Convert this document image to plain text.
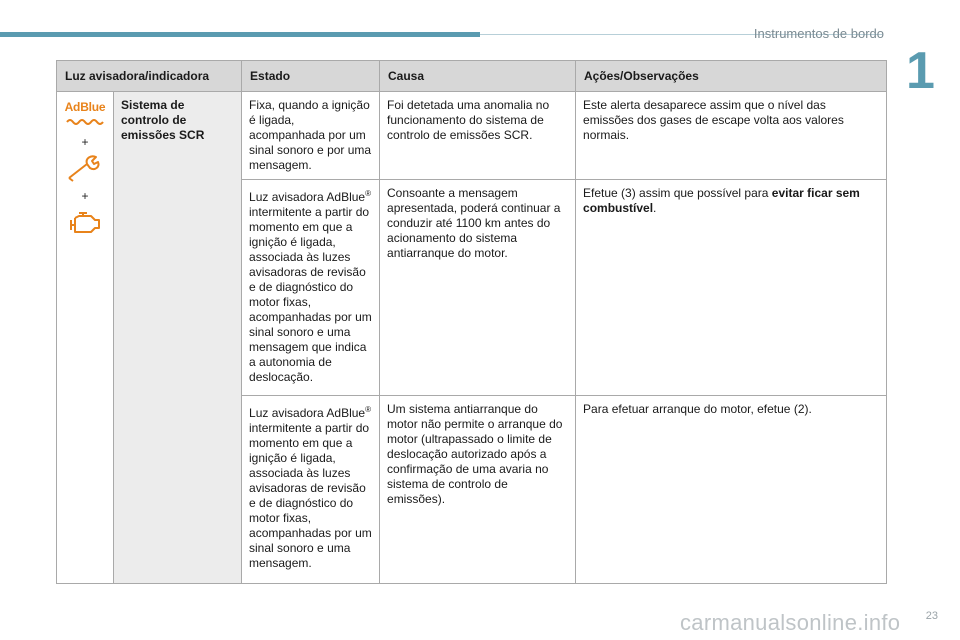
Instrumentos de bordo
1
Luz avisadora/indicadora		Estado	Causa	Ações/Observações

AdBlue
+
+	Sistema de controlo de emissões SCR	Fixa, quando a ignição é ligada, acompanhada por um sinal sonoro e por uma mensagem.	Foi detetada uma anomalia no funcionamento do sistema de controlo de emissões SCR.	Este alerta desaparece assim que o nível das emissões dos gases de escape volta aos valores normais.
		Luz avisadora AdBlue® intermitente a partir do momento em que a ignição é ligada, associada às luzes avisadoras de revisão e de diagnóstico do motor fixas, acompanhadas por um sinal sonoro e uma mensagem que indica a autonomia de deslocação.	Consoante a mensagem apresentada, poderá continuar a conduzir até 1100 km antes do acionamento do sistema antiarranque do motor.	Efetue (3) assim que possível para evitar ficar sem combustível.
		Luz avisadora AdBlue® intermitente a partir do momento em que a ignição é ligada, associada às luzes avisadoras de revisão e de diagnóstico do motor fixas, acompanhadas por um sinal sonoro e uma mensagem.	Um sistema antiarranque do motor não permite o arranque do motor (ultrapassado o limite de deslocação autorizado após a confirmação de uma avaria no sistema de controlo de emissões).	Para efetuar arranque do motor, efetue (2).
carmanualsonline.info 23
